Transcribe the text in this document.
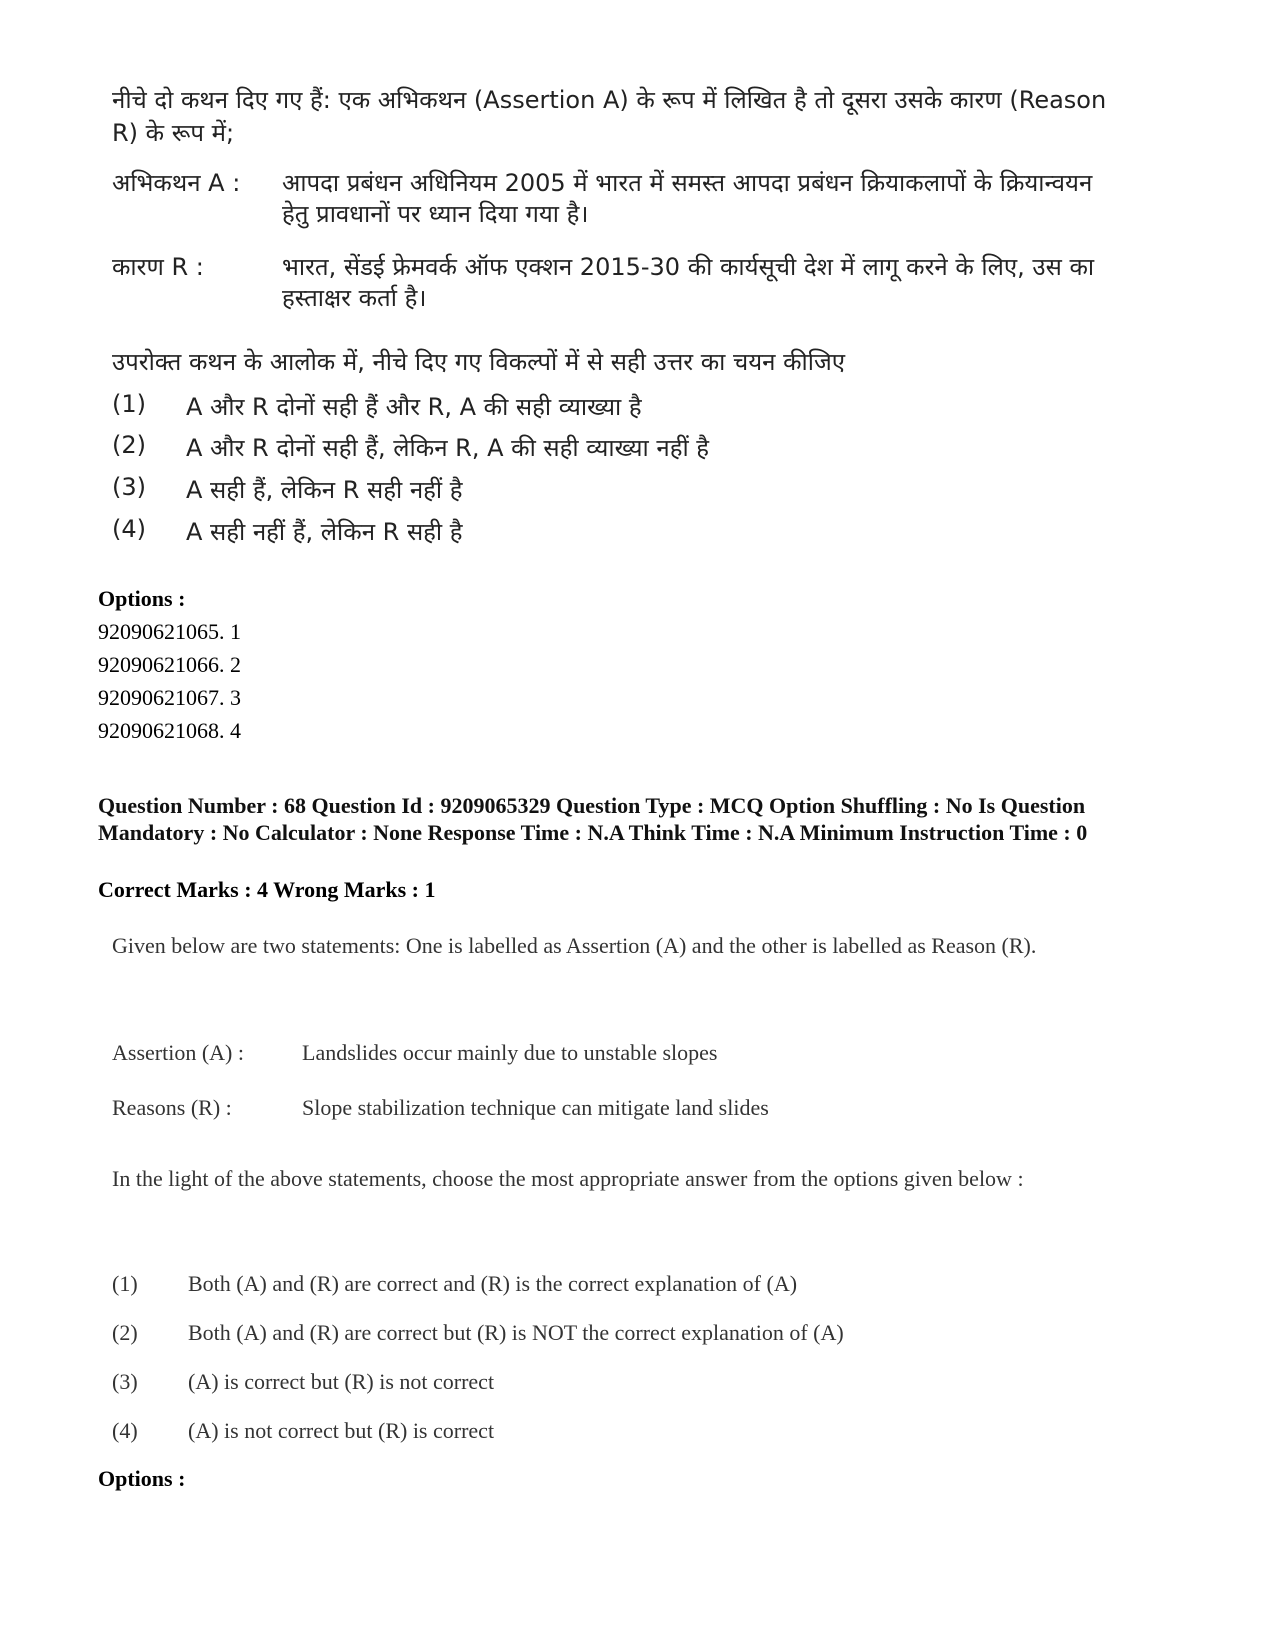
नीचे दो कथन दिए गए हैं: एक अभिकथन (Assertion A) के रूप में लिखित है तो दूसरा उसके कारण (Reason R) के रूप में;
अभिकथन A :	आपदा प्रबंधन अधिनियम 2005 में भारत में समस्त आपदा प्रबंधन क्रियाकलापों के क्रियान्वयन हेतु प्रावधानों पर ध्यान दिया गया है।
कारण R :	भारत, सेंडई फ्रेमवर्क ऑफ एक्शन 2015-30 की कार्यसूची देश में लागू करने के लिए, उस का हस्ताक्षर कर्ता है।
उपरोक्त कथन के आलोक में, नीचे दिए गए विकल्पों में से सही उत्तर का चयन कीजिए
(1)	A और R दोनों सही हैं और R, A की सही व्याख्या है
(2)	A और R दोनों सही हैं, लेकिन R, A की सही व्याख्या नहीं है
(3)	A सही हैं, लेकिन R सही नहीं है
(4)	A सही नहीं हैं, लेकिन R सही है
Options :
92090621065. 1
92090621066. 2
92090621067. 3
92090621068. 4
Question Number : 68 Question Id : 9209065329 Question Type : MCQ Option Shuffling : No Is Question Mandatory : No Calculator : None Response Time : N.A Think Time : N.A Minimum Instruction Time : 0
Correct Marks : 4 Wrong Marks : 1
Given below are two statements: One is labelled as Assertion (A) and the other is labelled as Reason (R).
Assertion (A) :	Landslides occur mainly due to unstable slopes
Reasons (R) :	Slope stabilization technique can mitigate land slides
In the light of the above statements, choose the most appropriate answer from the options given below :
(1) Both (A) and (R) are correct and (R) is the correct explanation of (A)
(2) Both (A) and (R) are correct but (R) is NOT the correct explanation of (A)
(3) (A) is correct but (R) is not correct
(4) (A) is not correct but (R) is correct
Options :
